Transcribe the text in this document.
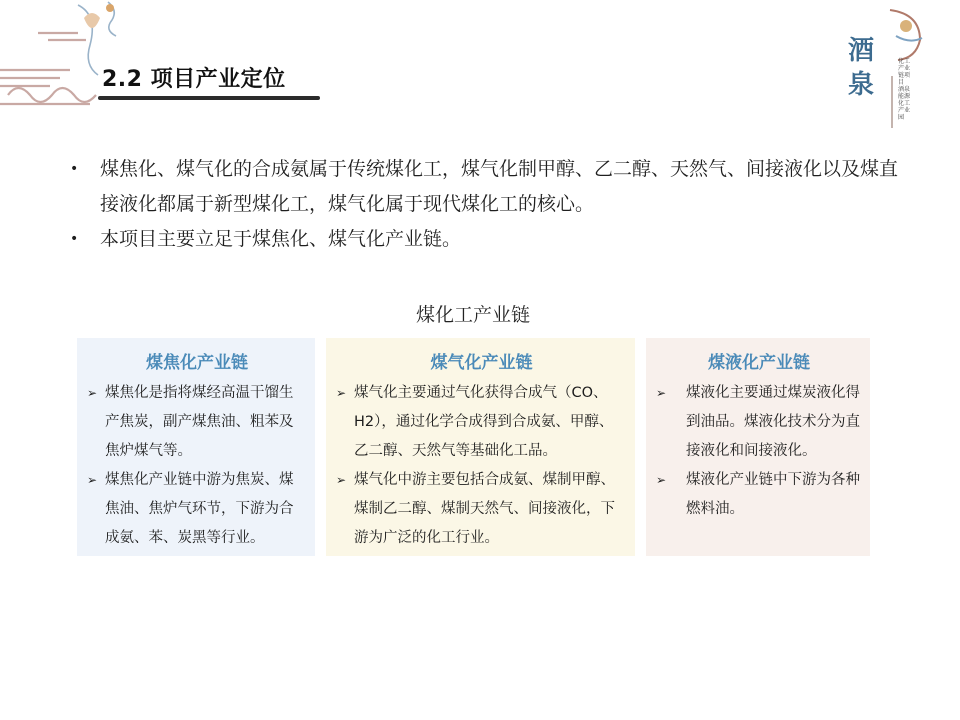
酒泉
化工产业链项目 酒泉能源化工产业园
2.2 项目产业定位
• 煤焦化、煤气化的合成氨属于传统煤化工，煤气化制甲醇、乙二醇、天然气、间接液化以及煤直接液化都属于新型煤化工，煤气化属于现代煤化工的核心。
• 本项目主要立足于煤焦化、煤气化产业链。
煤化工产业链
煤焦化产业链
➢ 煤焦化是指将煤经高温干馏生产焦炭，副产煤焦油、粗苯及焦炉煤气等。
➢ 煤焦化产业链中游为焦炭、煤焦油、焦炉气环节，下游为合成氨、苯、炭黑等行业。
煤气化产业链
➢ 煤气化主要通过气化获得合成气（CO、H2），通过化学合成得到合成氨、甲醇、乙二醇、天然气等基础化工品。
➢ 煤气化中游主要包括合成氨、煤制甲醇、煤制乙二醇、煤制天然气、间接液化，下游为广泛的化工行业。
煤液化产业链
➢ 煤液化主要通过煤炭液化得到油品。煤液化技术分为直接液化和间接液化。
➢ 煤液化产业链中下游为各种燃料油。
